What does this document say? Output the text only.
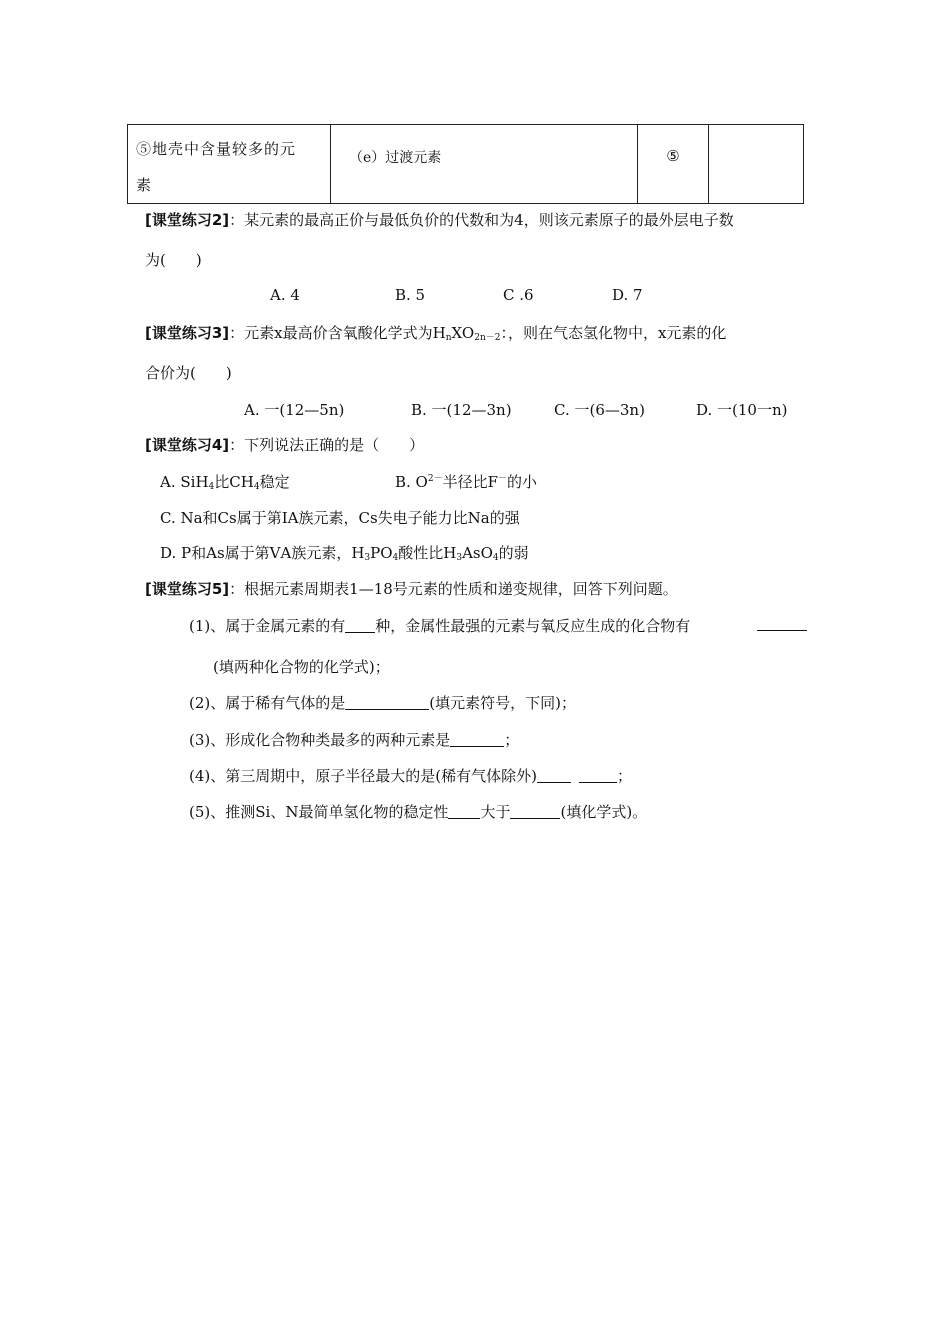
⑤地壳中含量较多的元
素

（e）过渡元素	⑤

[课堂练习2]：某元素的最高正价与最低负价的代数和为4，则该元素原子的最外层电子数
为(　　)
A. 4	B. 5	C .6	D. 7
[课堂练习3]：元素x最高价含氧酸化学式为$H_nXO_{2n-2}$：，则在气态氢化物中，x元素的化
合价为(　　)
A. 一(12—5n)	B. 一(12—3n)	C. 一(6—3n)	D. 一(10一n)
[课堂练习4]：下列说法正确的是（　　）
A. SiH$_4$比$CH_4$稳定	B. $O^{2-}$半径比F－的小
C. Na和Cs属于第ⅠA族元素，Cs失电子能力比Na的强
D. P和As属于第ⅤA族元素，$H_3PO_4$酸性比$H_3AsO_4$的弱
[课堂练习5]：根据元素周期表1—18号元素的性质和递变规律，回答下列问题。
(1)、属于金属元素的有 种，金属性最强的元素与氧反应生成的化合物有
(填两种化合物的化学式)；
(2)、属于稀有气体的是	(填元素符号，下同)；
(3)、形成化合物种类最多的两种元素是	；
(4)、第三周期中，原子半径最大的是(稀有气体除外)	；
(5)、推测Si、N最简单氢化物的稳定性 大于	(填化学式)。
